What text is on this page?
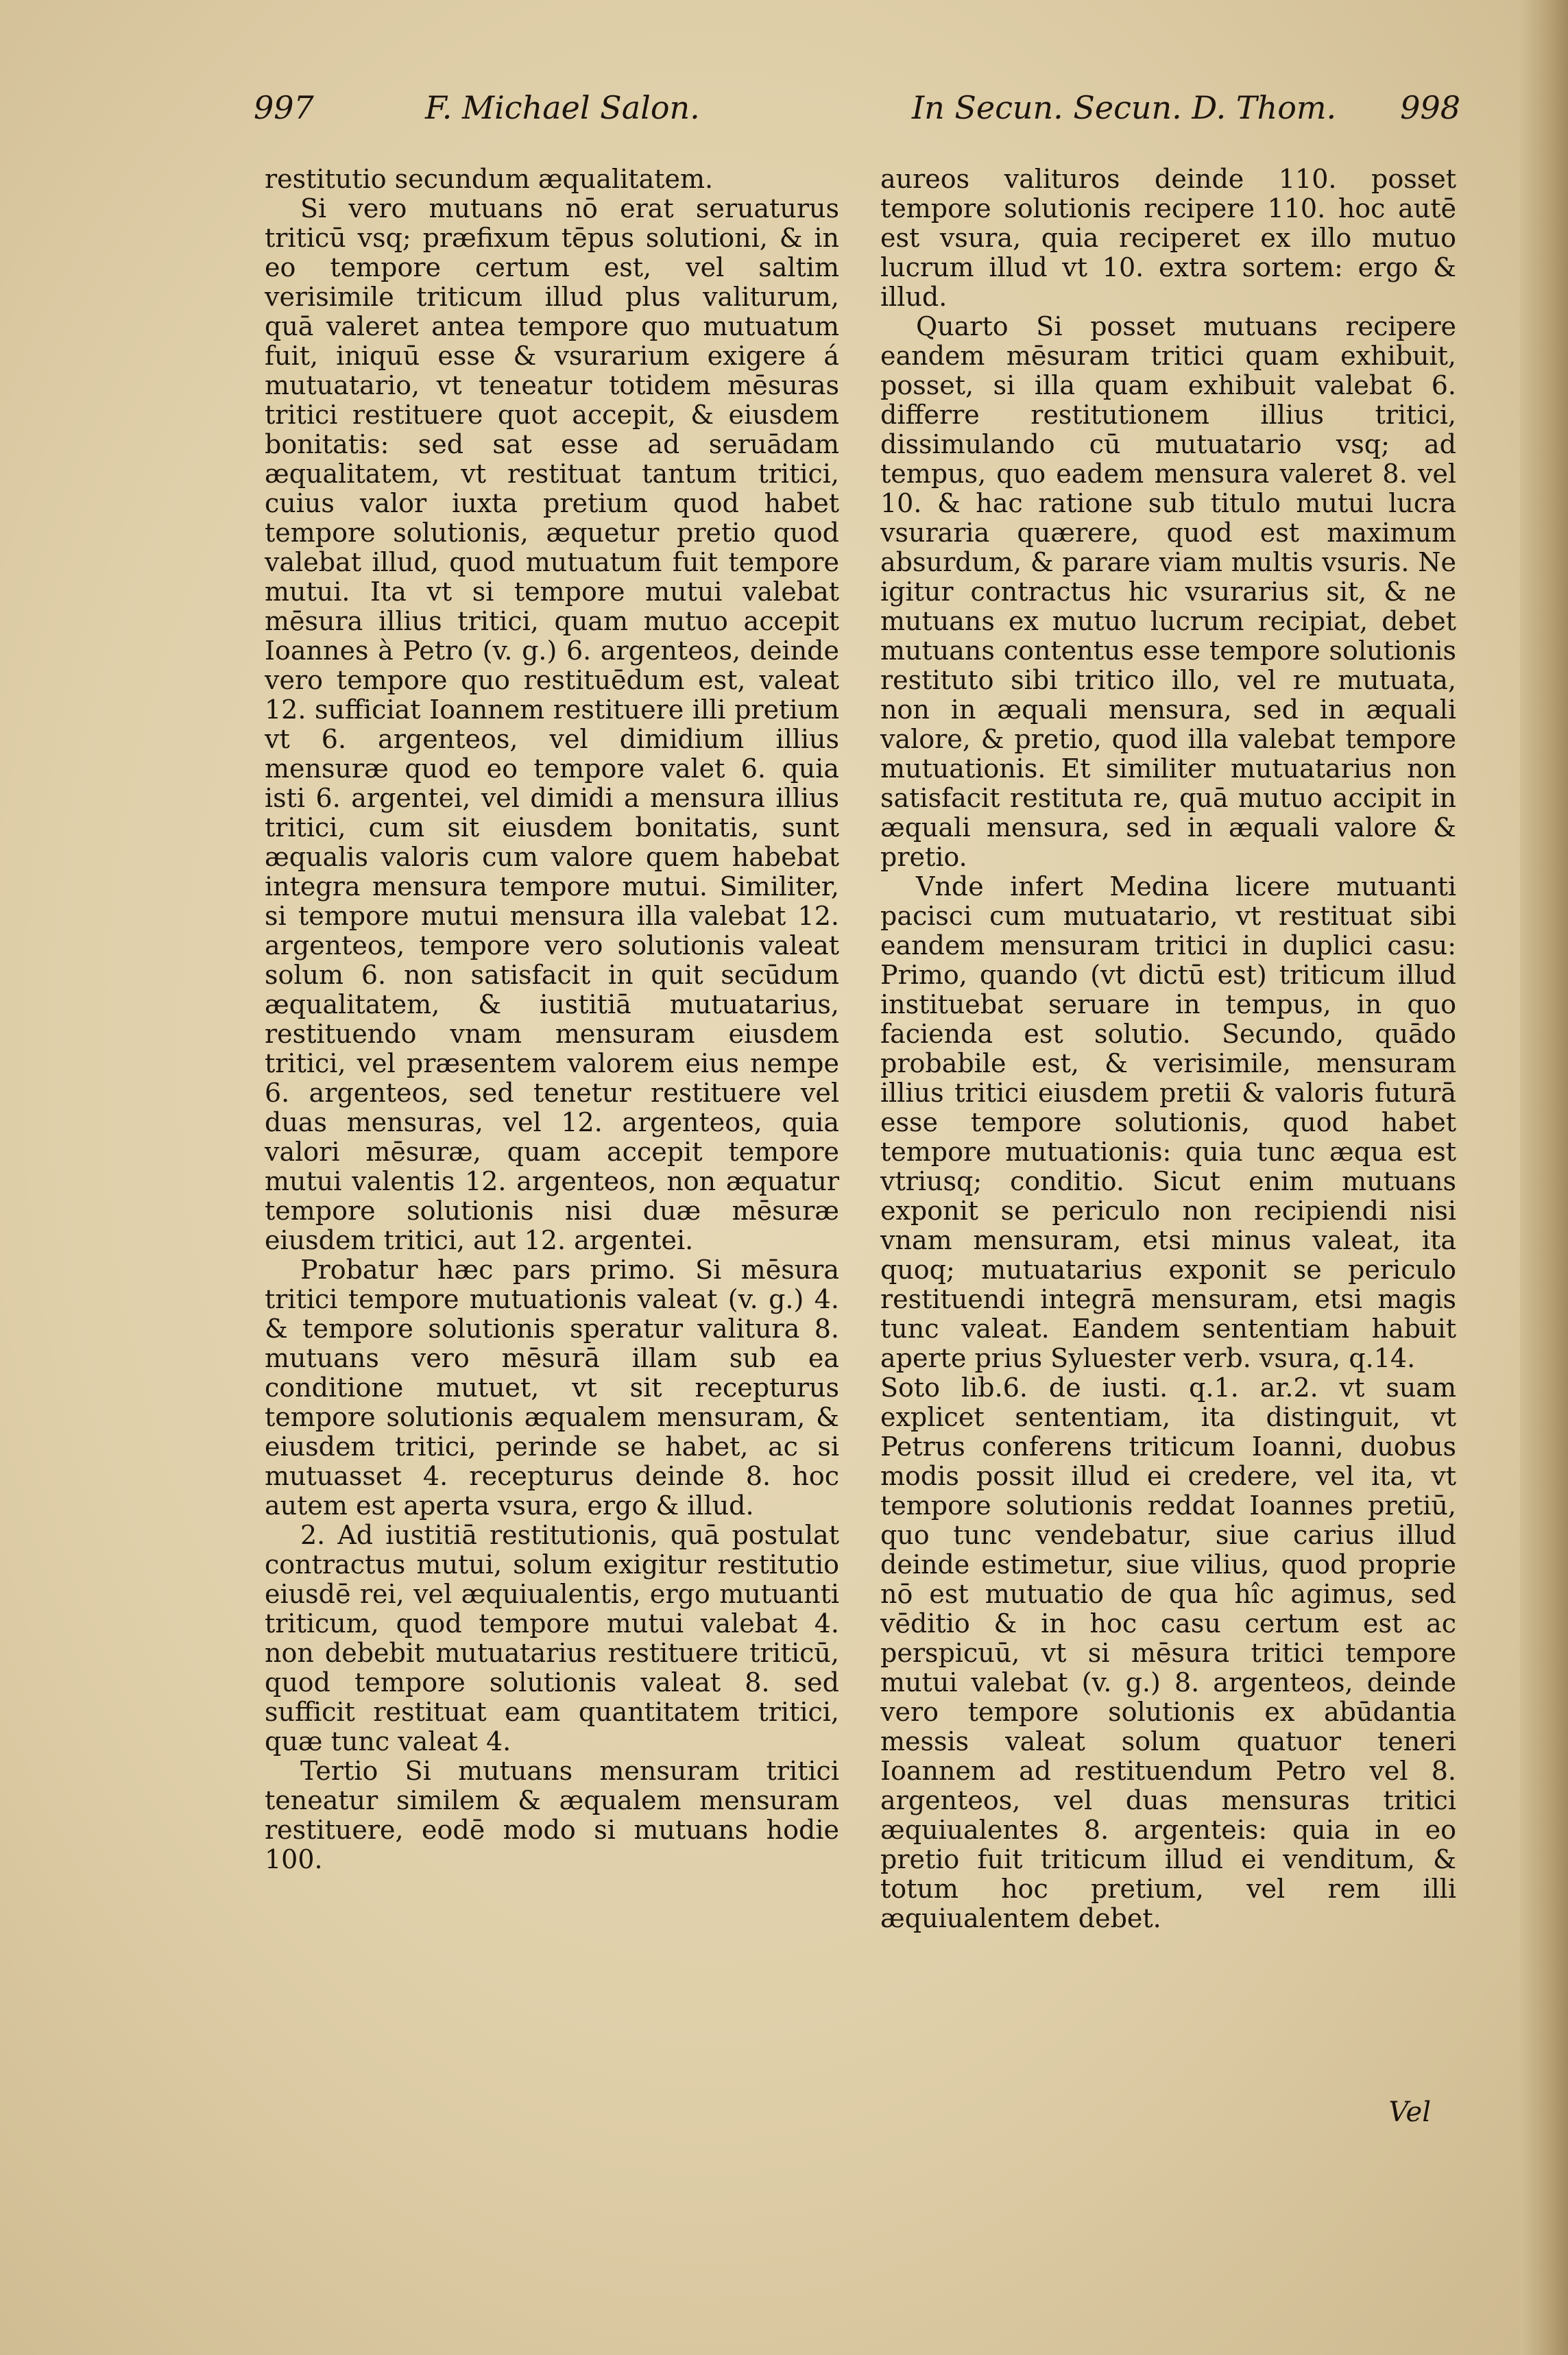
997	F. Michael Salon.	In Secun. Secun. D. Thom. 998

restitutio secundum æqualitatem.

Si vero mutuans nō erat seruaturus triticū vsq; præfixum tēpus solutioni, & in eo tempore certum est, vel saltim verisimile triticum illud plus valiturum, quā valeret antea tempore quo mutuatum fuit, iniquū esse & vsurarium exigere á mutuatario, vt teneatur totidem mēsuras tritici restituere quot accepit, & eiusdem bonitatis: sed sat esse ad seruādam æqualitatem, vt restituat tantum tritici, cuius valor iuxta pretium quod habet tempore solutionis, æquetur pretio quod valebat illud, quod mutuatum fuit tempore mutui. Ita vt si tempore mutui valebat mēsura illius tritici, quam mutuo accepit Ioannes à Petro (v. g.) 6. argenteos, deinde vero tempore quo restituēdum est, valeat 12. sufficiat Ioannem restituere illi pretium vt 6. argenteos, vel dimidium illius mensuræ quod eo tempore valet 6. quia isti 6. argentei, vel dimidi a mensura illius tritici, cum sit eiusdem bonitatis, sunt æqualis valoris cum valore quem habebat integra mensura tempore mutui. Similiter, si tempore mutui mensura illa valebat 12. argenteos, tempore vero solutionis valeat solum 6. non satisfacit in quit secūdum æqualitatem, & iustitiā mutuatarius, restituendo vnam mensuram eiusdem tritici, vel præsentem valorem eius nempe 6. argenteos, sed tenetur restituere vel duas mensuras, vel 12. argenteos, quia valori mēsuræ, quam accepit tempore mutui valentis 12. argenteos, non æquatur tempore solutionis nisi duæ mēsuræ eiusdem tritici, aut 12. argentei.

Probatur hæc pars primo. Si mēsura tritici tempore mutuationis valeat (v. g.) 4. & tempore solutionis speratur valitura 8. mutuans vero mēsurā illam sub ea conditione mutuet, vt sit recepturus tempore solutionis æqualem mensuram, & eiusdem tritici, perinde se habet, ac si mutuasset 4. recepturus deinde 8. hoc autem est aperta vsura, ergo & illud.

2. Ad iustitiā restitutionis, quā postulat contractus mutui, solum exigitur restitutio eiusdē rei, vel æquiualentis, ergo mutuanti triticum, quod tempore mutui valebat 4. non debebit mutuatarius restituere triticū, quod tempore solutionis valeat 8. sed sufficit restituat eam quantitatem tritici, quæ tunc valeat 4.

Tertio Si mutuans mensuram tritici teneatur similem & æqualem mensuram restituere, eodē modo si mutuans hodie 100.

aureos valituros deinde 110. posset tempore solutionis recipere 110. hoc autē est vsura, quia reciperet ex illo mutuo lucrum illud vt 10. extra sortem: ergo & illud.

Quarto Si posset mutuans recipere eandem mēsuram tritici quam exhibuit, posset, si illa quam exhibuit valebat 6. differre restitutionem illius tritici, dissimulando cū mutuatario vsq; ad tempus, quo eadem mensura valeret 8. vel 10. & hac ratione sub titulo mutui lucra vsuraria quærere, quod est maximum absurdum, & parare viam multis vsuris. Ne igitur contractus hic vsurarius sit, & ne mutuans ex mutuo lucrum recipiat, debet mutuans contentus esse tempore solutionis restituto sibi tritico illo, vel re mutuata, non in æquali mensura, sed in æquali valore, & pretio, quod illa valebat tempore mutuationis. Et similiter mutuatarius non satisfacit restituta re, quā mutuo accipit in æquali mensura, sed in æquali valore & pretio.

Vnde infert Medina licere mutuanti pacisci cum mutuatario, vt restituat sibi eandem mensuram tritici in duplici casu: Primo, quando (vt dictū est) triticum illud instituebat seruare in tempus, in quo facienda est solutio. Secundo, quādo probabile est, & verisimile, mensuram illius tritici eiusdem pretii & valoris futurā esse tempore solutionis, quod habet tempore mutuationis: quia tunc æqua est vtriusq; conditio. Sicut enim mutuans exponit se periculo non recipiendi nisi vnam mensuram, etsi minus valeat, ita quoq; mutuatarius exponit se periculo restituendi integrā mensuram, etsi magis tunc valeat. Eandem sententiam habuit aperte prius Syluester verb. vsura, q.14.

Soto lib.6. de iusti. q.1. ar.2. vt suam explicet sententiam, ita distinguit, vt Petrus conferens triticum Ioanni, duobus modis possit illud ei credere, vel ita, vt tempore solutionis reddat Ioannes pretiū, quo tunc vendebatur, siue carius illud deinde estimetur, siue vilius, quod proprie nō est mutuatio de qua hîc agimus, sed vēditio & in hoc casu certum est ac perspicuū, vt si mēsura tritici tempore mutui valebat (v. g.) 8. argenteos, deinde vero tempore solutionis ex abūdantia messis valeat solum quatuor teneri Ioannem ad restituendum Petro vel 8. argenteos, vel duas mensuras tritici æquiualentes 8. argenteis: quia in eo pretio fuit triticum illud ei venditum, & totum hoc pretium, vel rem illi æquiualentem debet.

Vel
